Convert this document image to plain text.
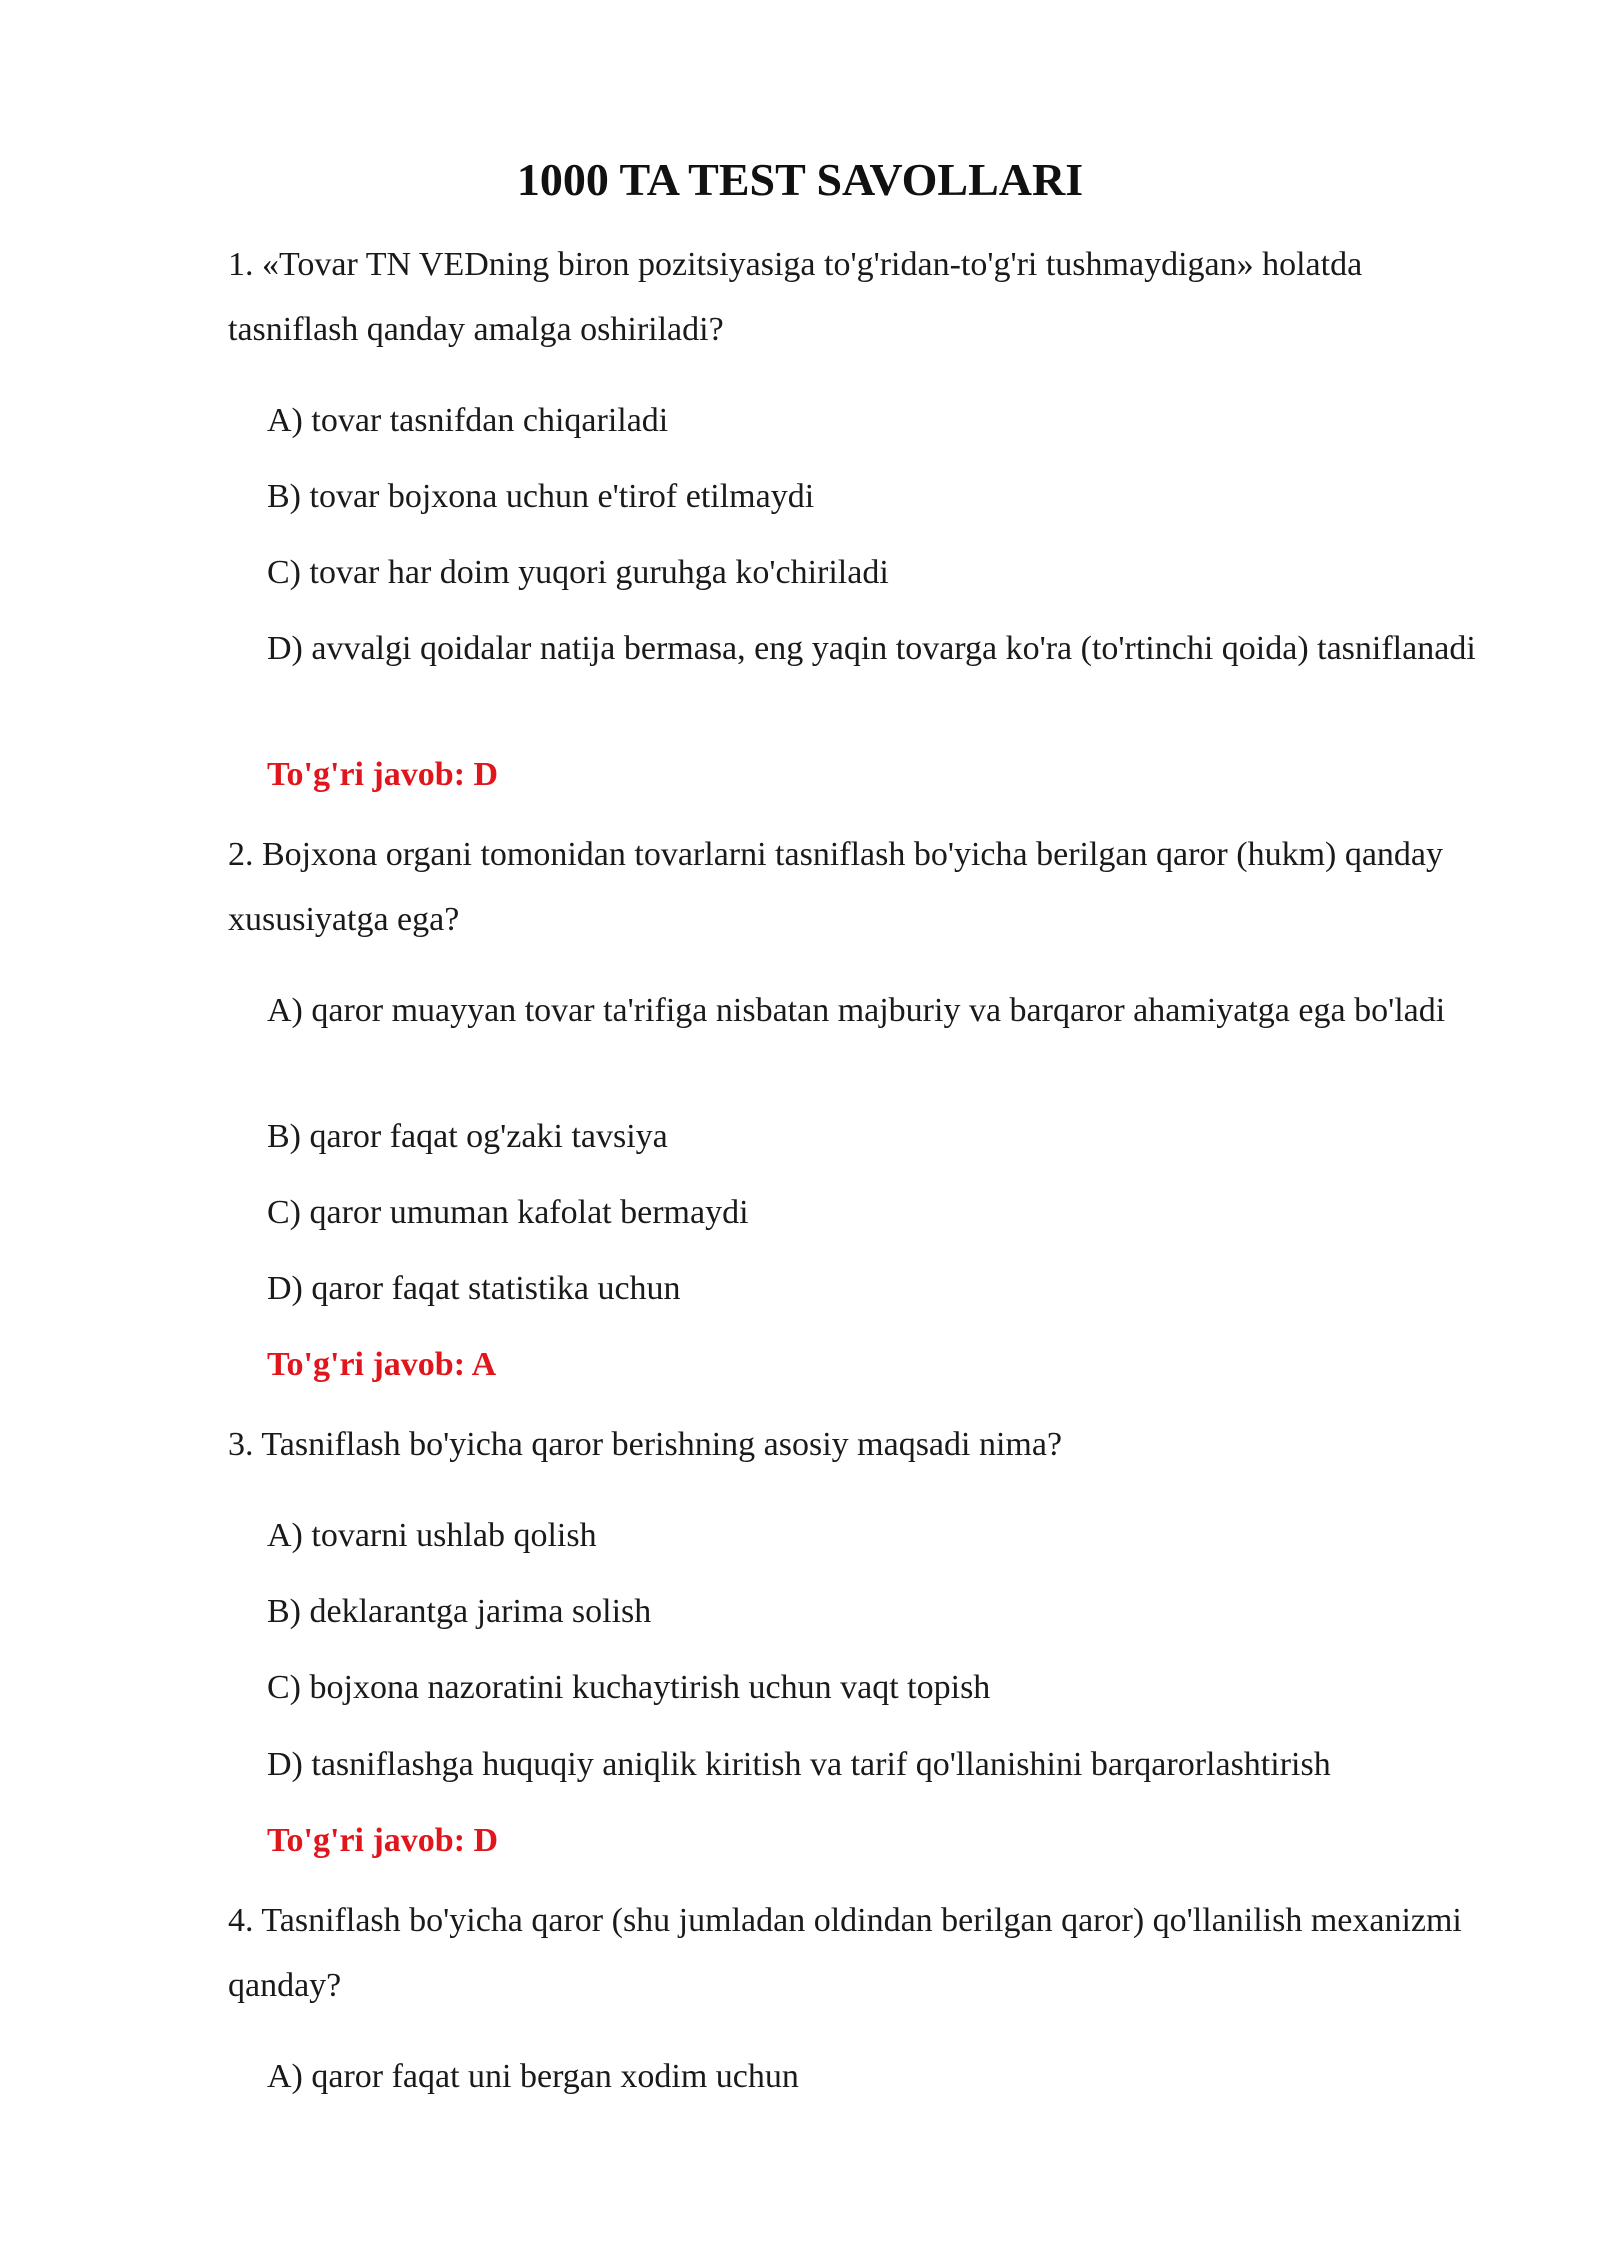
1000 TA TEST SAVOLLARI

1. «Tovar TN VEDning biron pozitsiyasiga to'g'ridan-to'g'ri tushmaydigan» holatda tasniflash qanday amalga oshiriladi?

A) tovar tasnifdan chiqariladi

B) tovar bojxona uchun e'tirof etilmaydi

C) tovar har doim yuqori guruhga ko'chiriladi

D) avvalgi qoidalar natija bermasa, eng yaqin tovarga ko'ra (to'rtinchi qoida) tasniflanadi

To'g'ri javob: D

2. Bojxona organi tomonidan tovarlarni tasniflash bo'yicha berilgan qaror (hukm) qanday xususiyatga ega?

A) qaror muayyan tovar ta'rifiga nisbatan majburiy va barqaror ahamiyatga ega bo'ladi

B) qaror faqat og'zaki tavsiya

C) qaror umuman kafolat bermaydi

D) qaror faqat statistika uchun

To'g'ri javob: A

3. Tasniflash bo'yicha qaror berishning asosiy maqsadi nima?

A) tovarni ushlab qolish

B) deklarantga jarima solish

C) bojxona nazoratini kuchaytirish uchun vaqt topish

D) tasniflashga huquqiy aniqlik kiritish va tarif qo'llanishini barqarorlashtirish

To'g'ri javob: D

4. Tasniflash bo'yicha qaror (shu jumladan oldindan berilgan qaror) qo'llanilish mexanizmi qanday?

A) qaror faqat uni bergan xodim uchun
